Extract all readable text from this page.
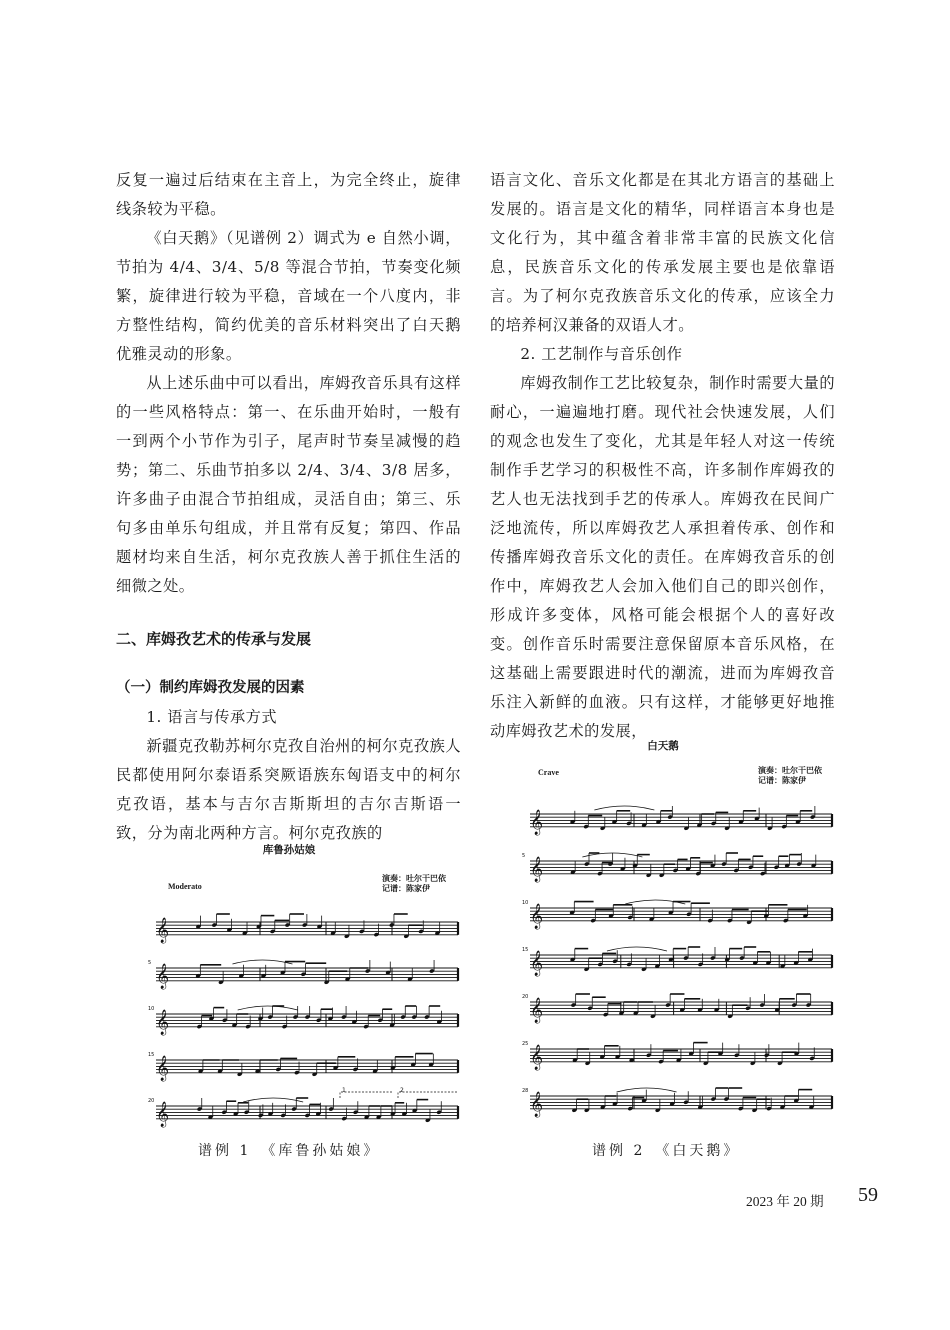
反复一遍过后结束在主音上，为完全终止，旋律线条较为平稳。

《白天鹅》（见谱例 2）调式为 e 自然小调，节拍为 4/4、3/4、5/8 等混合节拍，节奏变化频繁，旋律进行较为平稳，音域在一个八度内，非方整性结构，简约优美的音乐材料突出了白天鹅优雅灵动的形象。

从上述乐曲中可以看出，库姆孜音乐具有这样的一些风格特点：第一、在乐曲开始时，一般有一到两个小节作为引子，尾声时节奏呈减慢的趋势；第二、乐曲节拍多以 2/4、3/4、3/8 居多，许多曲子由混合节拍组成，灵活自由；第三、乐句多由单乐句组成，并且常有反复；第四、作品题材均来自生活，柯尔克孜族人善于抓住生活的细微之处。

二、库姆孜艺术的传承与发展
（一）制约库姆孜发展的因素

1. 语言与传承方式

新疆克孜勒苏柯尔克孜自治州的柯尔克孜族人民都使用阿尔泰语系突厥语族东匈语支中的柯尔克孜语，基本与吉尔吉斯斯坦的吉尔吉斯语一致，分为南北两种方言。柯尔克孜族的

语言文化、音乐文化都是在其北方语言的基础上发展的。语言是文化的精华，同样语言本身也是文化行为，其中蕴含着非常丰富的民族文化信息，民族音乐文化的传承发展主要也是依靠语言。为了柯尔克孜族音乐文化的传承，应该全力的培养柯汉兼备的双语人才。

2. 工艺制作与音乐创作

库姆孜制作工艺比较复杂，制作时需要大量的耐心，一遍遍地打磨。现代社会快速发展，人们的观念也发生了变化，尤其是年轻人对这一传统制作手艺学习的积极性不高，许多制作库姆孜的艺人也无法找到手艺的传承人。库姆孜在民间广泛地流传，所以库姆孜艺人承担着传承、创作和传播库姆孜音乐文化的责任。在库姆孜音乐的创作中，库姆孜艺人会加入他们自己的即兴创作，形成许多变体，风格可能会根据个人的喜好改变。创作音乐时需要注意保留原本音乐风格，在这基础上需要跟进时代的潮流，进而为库姆孜音乐注入新鲜的血液。只有这样，才能够更好地推动库姆孜艺术的发展，

库鲁孙姑娘
Moderato
演奏：吐尔干巴依
记谱：陈家伊
𝄞
𝄞
5
𝄞
10
𝄞
15
𝄞
20
1	2
谱例 1　《库鲁孙姑娘》
白天鹅
Crave	演奏：吐尔干巴依
记谱：陈家伊
𝄞
𝄞
5
𝄞
10
𝄞
15
𝄞
20
𝄞
25
𝄞
28
谱例 2　《白天鹅》
2023 年 20 期 59
